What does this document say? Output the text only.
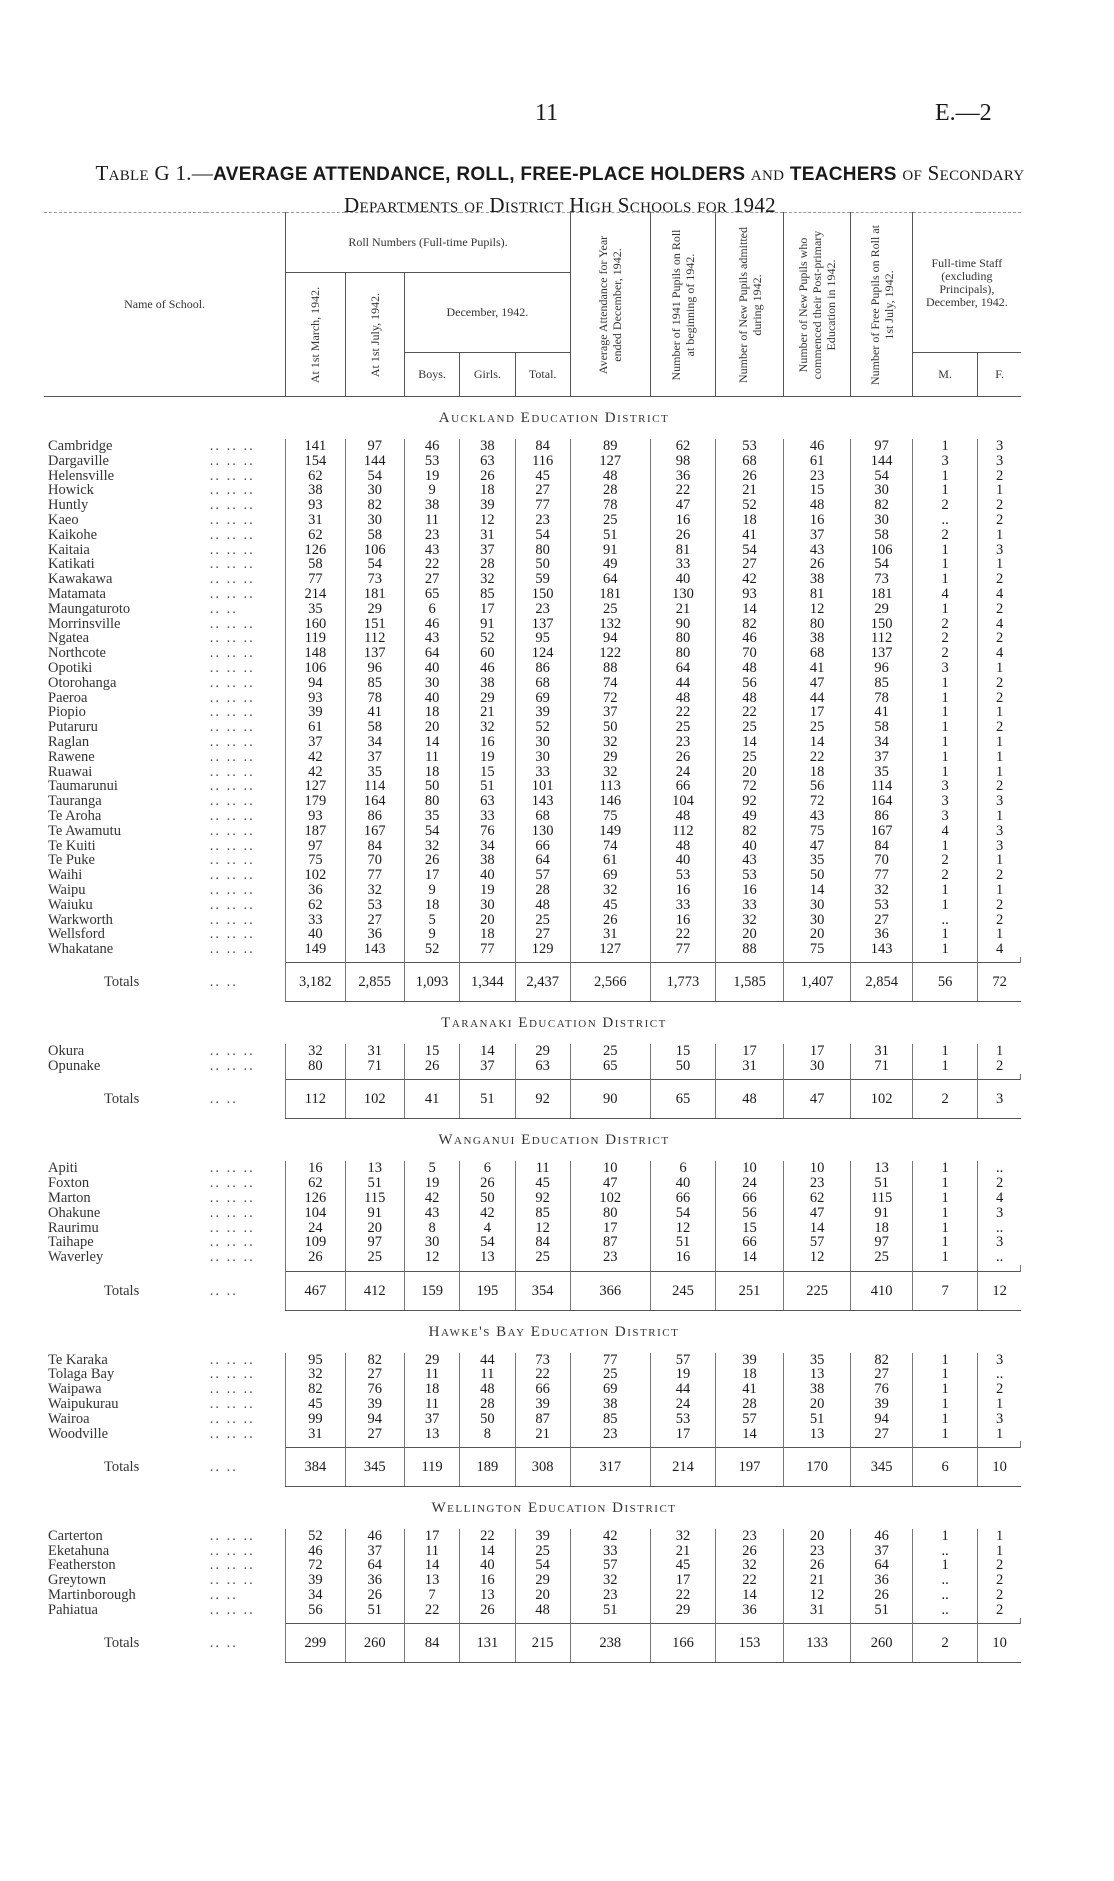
11	E.—2
Table G 1.—AVERAGE ATTENDANCE, ROLL, FREE-PLACE HOLDERS and TEACHERS of Secondary
Departments of District High Schools for 1942
Name of School.		Roll Numbers (Full-time Pupils).					Average Attendance for Year ended December, 1942.	Number of 1941 Pupils on Roll at beginning of 1942.	Number of New Pupils admitted during 1942.	Number of New Pupils who commenced their Post-primary Education in 1942.	Number of Free Pupils on Roll at 1st July, 1942.	Full-time Staff (excluding Principals), December, 1942.		

		At 1st March, 1942.	At 1st July, 1942.	December, 1942.										
				Boys.	Girls.	Total.						M.	F.	
Auckland Education District														
Cambridge	.. .. ..	141	97	46	38	84	89	62	53	46	97	1	3	
Dargaville	.. .. ..	154	144	53	63	116	127	98	68	61	144	3	3	
Helensville	.. .. ..	62	54	19	26	45	48	36	26	23	54	1	2	
Howick	.. .. ..	38	30	9	18	27	28	22	21	15	30	1	1	
Huntly	.. .. ..	93	82	38	39	77	78	47	52	48	82	2	2	
Kaeo	.. .. ..	31	30	11	12	23	25	16	18	16	30	..	2	
Kaikohe	.. .. ..	62	58	23	31	54	51	26	41	37	58	2	1	
Kaitaia	.. .. ..	126	106	43	37	80	91	81	54	43	106	1	3	
Katikati	.. .. ..	58	54	22	28	50	49	33	27	26	54	1	1	
Kawakawa	.. .. ..	77	73	27	32	59	64	40	42	38	73	1	2	
Matamata	.. .. ..	214	181	65	85	150	181	130	93	81	181	4	4	
Maungaturoto	.. ..	35	29	6	17	23	25	21	14	12	29	1	2	
Morrinsville	.. .. ..	160	151	46	91	137	132	90	82	80	150	2	4	
Ngatea	.. .. ..	119	112	43	52	95	94	80	46	38	112	2	2	
Northcote	.. .. ..	148	137	64	60	124	122	80	70	68	137	2	4	
Opotiki	.. .. ..	106	96	40	46	86	88	64	48	41	96	3	1	
Otorohanga	.. .. ..	94	85	30	38	68	74	44	56	47	85	1	2	
Paeroa	.. .. ..	93	78	40	29	69	72	48	48	44	78	1	2	
Piopio	.. .. ..	39	41	18	21	39	37	22	22	17	41	1	1	
Putaruru	.. .. ..	61	58	20	32	52	50	25	25	25	58	1	2	
Raglan	.. .. ..	37	34	14	16	30	32	23	14	14	34	1	1	
Rawene	.. .. ..	42	37	11	19	30	29	26	25	22	37	1	1	
Ruawai	.. .. ..	42	35	18	15	33	32	24	20	18	35	1	1	
Taumarunui	.. .. ..	127	114	50	51	101	113	66	72	56	114	3	2	
Tauranga	.. .. ..	179	164	80	63	143	146	104	92	72	164	3	3	
Te Aroha	.. .. ..	93	86	35	33	68	75	48	49	43	86	3	1	
Te Awamutu	.. .. ..	187	167	54	76	130	149	112	82	75	167	4	3	
Te Kuiti	.. .. ..	97	84	32	34	66	74	48	40	47	84	1	3	
Te Puke	.. .. ..	75	70	26	38	64	61	40	43	35	70	2	1	
Waihi	.. .. ..	102	77	17	40	57	69	53	53	50	77	2	2	
Waipu	.. .. ..	36	32	9	19	28	32	16	16	14	32	1	1	
Waiuku	.. .. ..	62	53	18	30	48	45	33	33	30	53	1	2	
Warkworth	.. .. ..	33	27	5	20	25	26	16	32	30	27	..	2	
Wellsford	.. .. ..	40	36	9	18	27	31	22	20	20	36	1	1	
Whakatane	.. .. ..	149	143	52	77	129	127	77	88	75	143	1	4	

Totals	.. ..	3,182	2,855	1,093	1,344	2,437	2,566	1,773	1,585	1,407	2,854	56	72	
Taranaki Education District														
Okura	.. .. ..	32	31	15	14	29	25	15	17	17	31	1	1	
Opunake	.. .. ..	80	71	26	37	63	65	50	31	30	71	1	2	

Totals	.. ..	112	102	41	51	92	90	65	48	47	102	2	3	
Wanganui Education District														
Apiti	.. .. ..	16	13	5	6	11	10	6	10	10	13	1	..	
Foxton	.. .. ..	62	51	19	26	45	47	40	24	23	51	1	2	
Marton	.. .. ..	126	115	42	50	92	102	66	66	62	115	1	4	
Ohakune	.. .. ..	104	91	43	42	85	80	54	56	47	91	1	3	
Raurimu	.. .. ..	24	20	8	4	12	17	12	15	14	18	1	..	
Taihape	.. .. ..	109	97	30	54	84	87	51	66	57	97	1	3	
Waverley	.. .. ..	26	25	12	13	25	23	16	14	12	25	1	..	

Totals	.. ..	467	412	159	195	354	366	245	251	225	410	7	12	
Hawke's Bay Education District														
Te Karaka	.. .. ..	95	82	29	44	73	77	57	39	35	82	1	3	
Tolaga Bay	.. .. ..	32	27	11	11	22	25	19	18	13	27	1	..	
Waipawa	.. .. ..	82	76	18	48	66	69	44	41	38	76	1	2	
Waipukurau	.. .. ..	45	39	11	28	39	38	24	28	20	39	1	1	
Wairoa	.. .. ..	99	94	37	50	87	85	53	57	51	94	1	3	
Woodville	.. .. ..	31	27	13	8	21	23	17	14	13	27	1	1	

Totals	.. ..	384	345	119	189	308	317	214	197	170	345	6	10	
Wellington Education District														
Carterton	.. .. ..	52	46	17	22	39	42	32	23	20	46	1	1	
Eketahuna	.. .. ..	46	37	11	14	25	33	21	26	23	37	..	1	
Featherston	.. .. ..	72	64	14	40	54	57	45	32	26	64	1	2	
Greytown	.. .. ..	39	36	13	16	29	32	17	22	21	36	..	2	
Martinborough	.. ..	34	26	7	13	20	23	22	14	12	26	..	2	
Pahiatua	.. .. ..	56	51	22	26	48	51	29	36	31	51	..	2	

Totals	.. ..	299	260	84	131	215	238	166	153	133	260	2	10	
